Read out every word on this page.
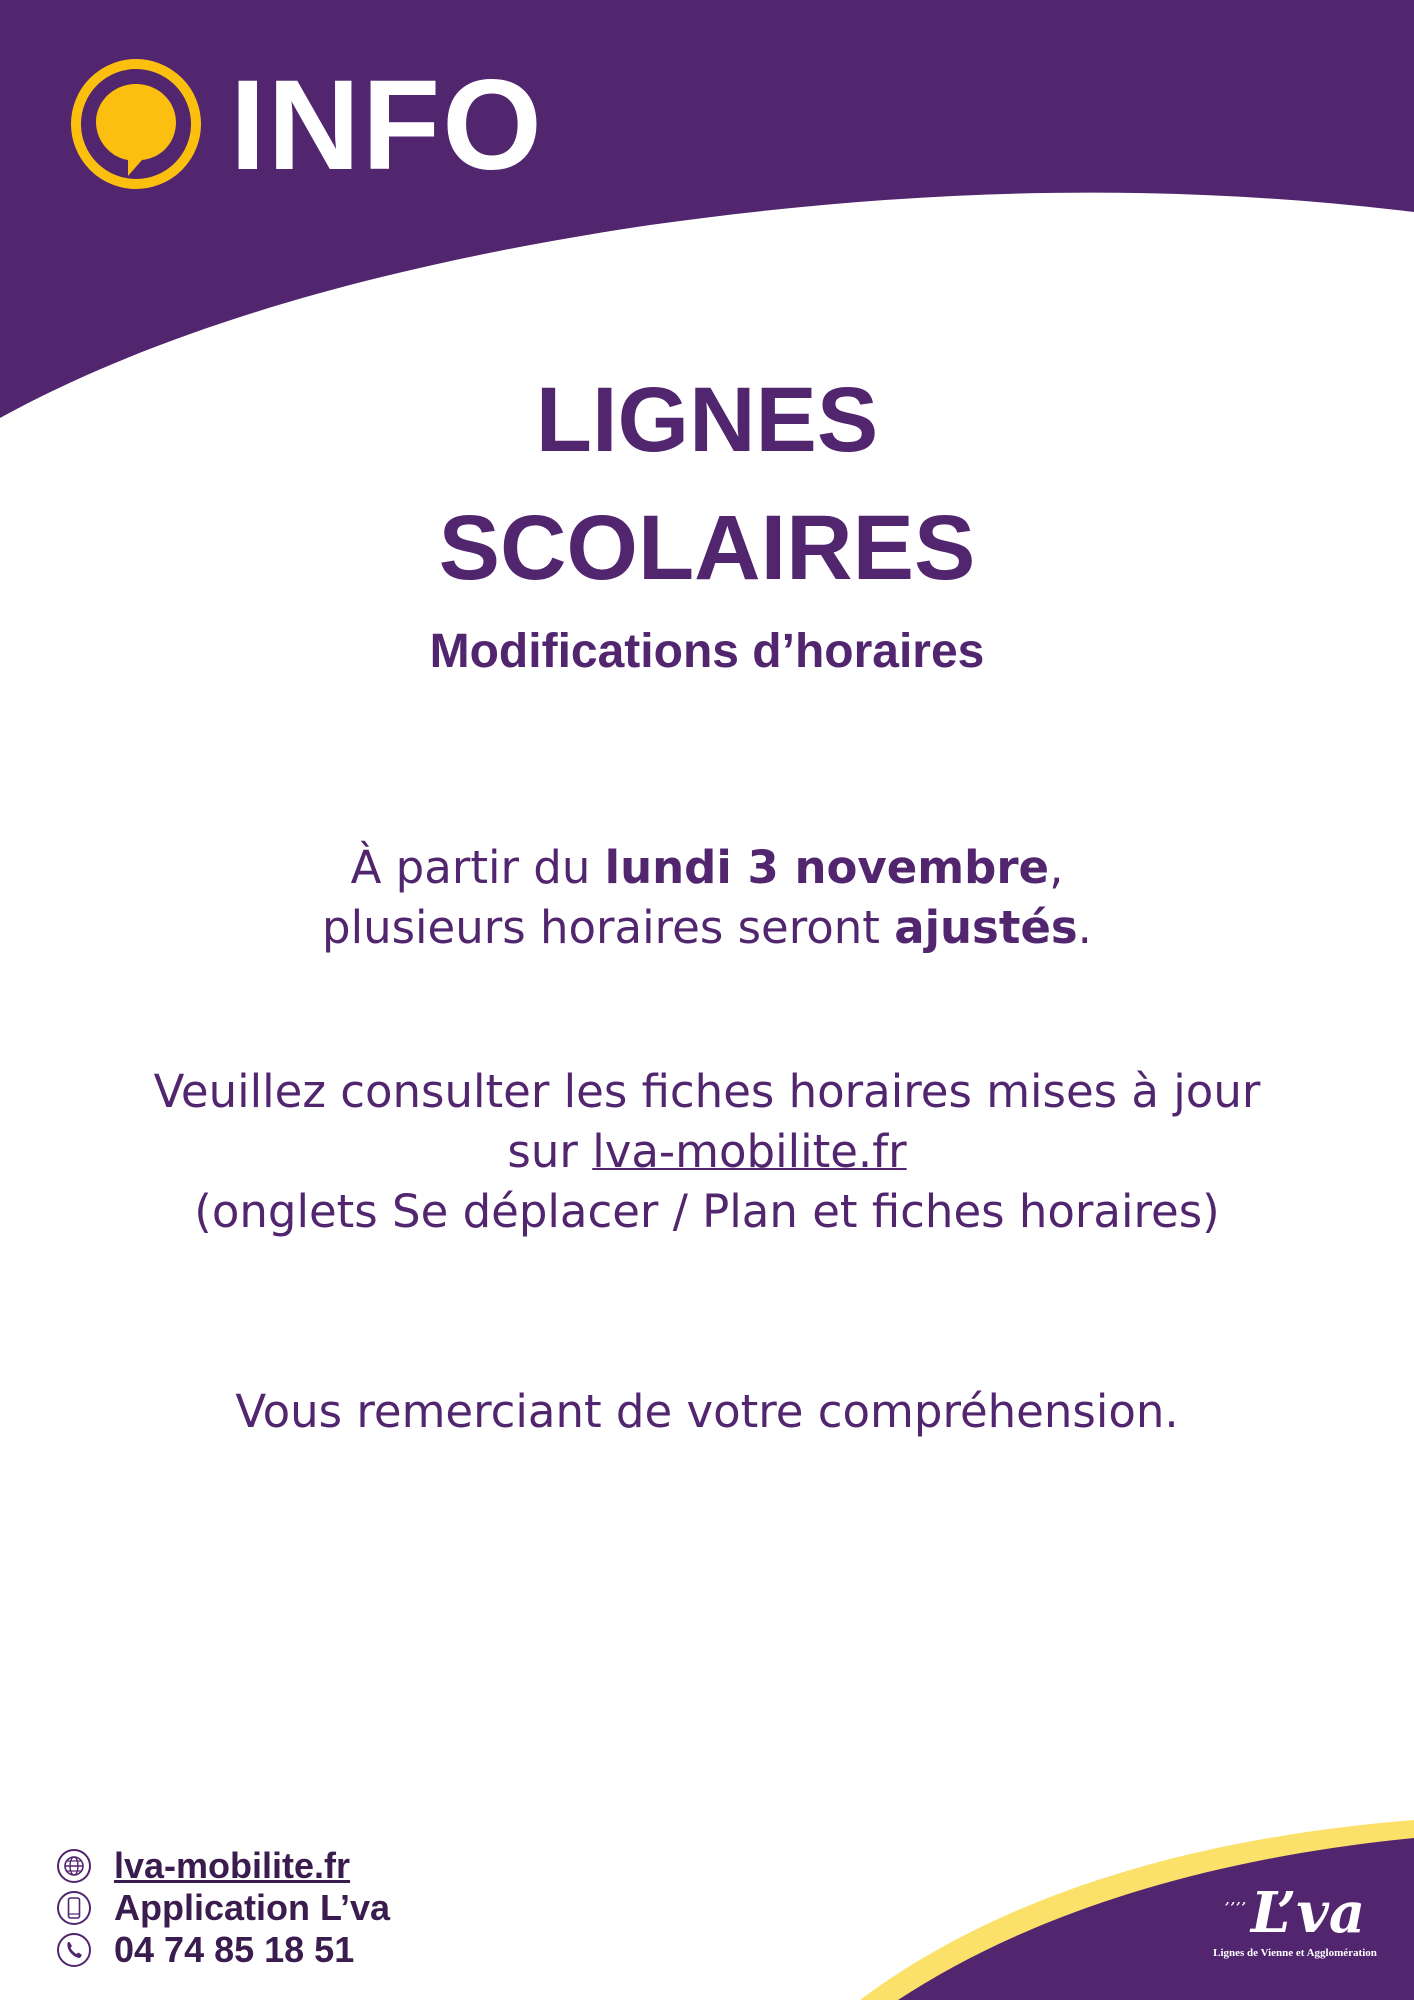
INFO
LIGNES
SCOLAIRES
Modifications d’horaires
À partir du lundi 3 novembre,
plusieurs horaires seront ajustés.
Veuillez consulter les fiches horaires mises à jour
sur lva-mobilite.fr
(onglets Se déplacer / Plan et fiches horaires)
Vous remerciant de votre compréhension.
lva-mobilite.fr
Application L’va
04 74 85 18 51
$^{ʼʼʼʼ}$L’va
Lignes de Vienne et Agglomération
